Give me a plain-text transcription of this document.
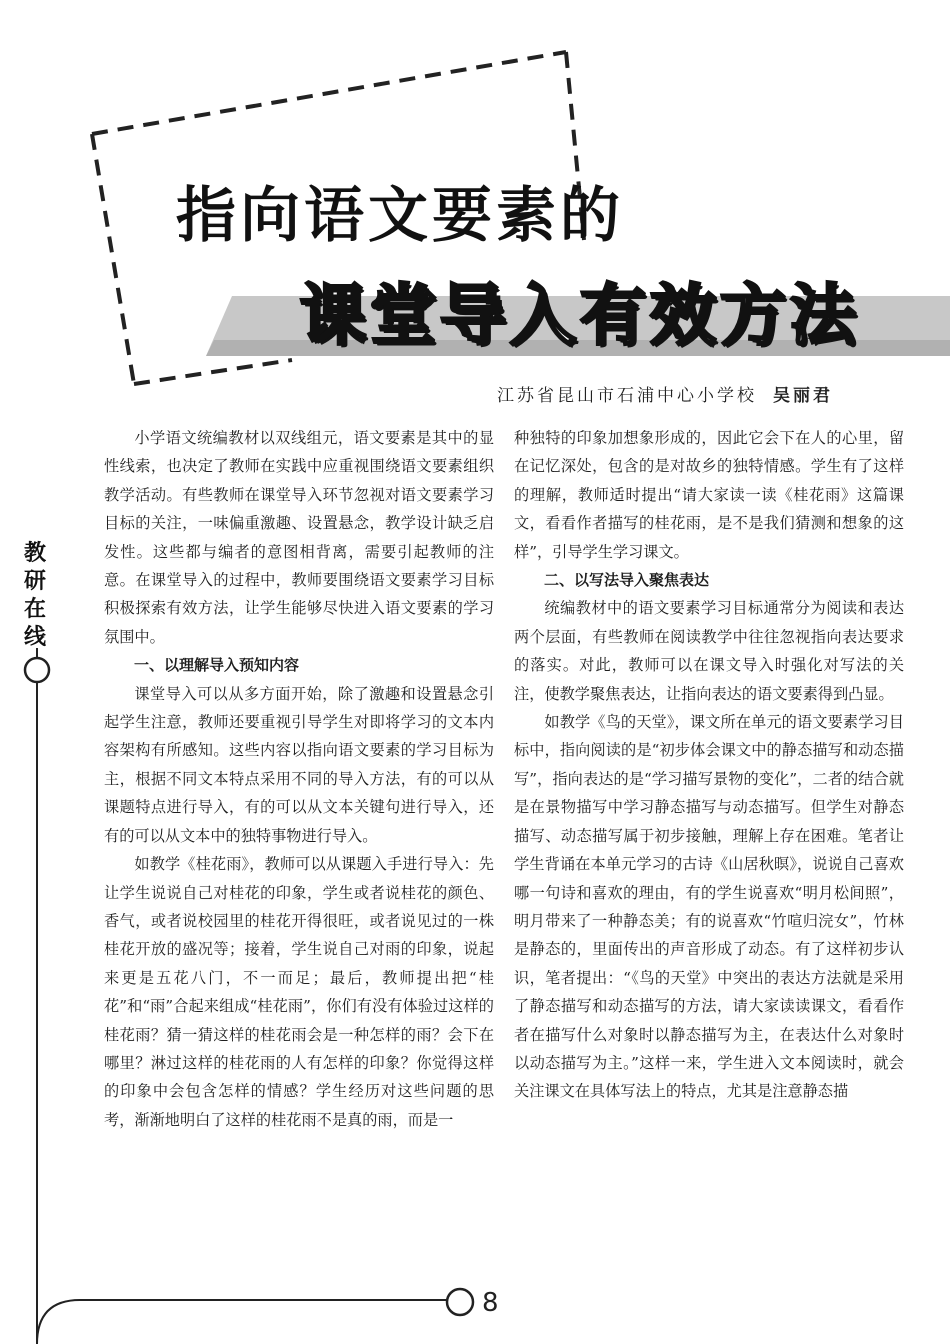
指向语文要素的
课堂导入有效方法
江苏省昆山市石浦中心小学校 吴丽君
教
研
在
线

小学语文统编教材以双线组元，语文要素是其中的显性线索，也决定了教师在实践中应重视围绕语文要素组织教学活动。有些教师在课堂导入环节忽视对语文要素学习目标的关注，一味偏重激趣、设置悬念，教学设计缺乏启发性。这些都与编者的意图相背离，需要引起教师的注意。在课堂导入的过程中，教师要围绕语文要素学习目标积极探索有效方法，让学生能够尽快进入语文要素的学习氛围中。

一、以理解导入预知内容

课堂导入可以从多方面开始，除了激趣和设置悬念引起学生注意，教师还要重视引导学生对即将学习的文本内容架构有所感知。这些内容以指向语文要素的学习目标为主，根据不同文本特点采用不同的导入方法，有的可以从课题特点进行导入，有的可以从文本关键句进行导入，还有的可以从文本中的独特事物进行导入。

如教学《桂花雨》，教师可以从课题入手进行导入：先让学生说说自己对桂花的印象，学生或者说桂花的颜色、香气，或者说校园里的桂花开得很旺，或者说见过的一株桂花开放的盛况等；接着，学生说自己对雨的印象，说起来更是五花八门，不一而足；最后，教师提出把“桂花”和“雨”合起来组成“桂花雨”，你们有没有体验过这样的桂花雨？猜一猜这样的桂花雨会是一种怎样的雨？会下在哪里？淋过这样的桂花雨的人有怎样的印象？你觉得这样的印象中会包含怎样的情感？学生经历对这些问题的思考，渐渐地明白了这样的桂花雨不是真的雨，而是一

种独特的印象加想象形成的，因此它会下在人的心里，留在记忆深处，包含的是对故乡的独特情感。学生有了这样的理解，教师适时提出“请大家读一读《桂花雨》这篇课文，看看作者描写的桂花雨，是不是我们猜测和想象的这样”，引导学生学习课文。

二、以写法导入聚焦表达

统编教材中的语文要素学习目标通常分为阅读和表达两个层面，有些教师在阅读教学中往往忽视指向表达要求的落实。对此，教师可以在课文导入时强化对写法的关注，使教学聚焦表达，让指向表达的语文要素得到凸显。

如教学《鸟的天堂》，课文所在单元的语文要素学习目标中，指向阅读的是“初步体会课文中的静态描写和动态描写”，指向表达的是“学习描写景物的变化”，二者的结合就是在景物描写中学习静态描写与动态描写。但学生对静态描写、动态描写属于初步接触，理解上存在困难。笔者让学生背诵在本单元学习的古诗《山居秋暝》，说说自己喜欢哪一句诗和喜欢的理由，有的学生说喜欢“明月松间照”，明月带来了一种静态美；有的说喜欢“竹喧归浣女”，竹林是静态的，里面传出的声音形成了动态。有了这样初步认识，笔者提出：“《鸟的天堂》中突出的表达方法就是采用了静态描写和动态描写的方法，请大家读读课文，看看作者在描写什么对象时以静态描写为主，在表达什么对象时以动态描写为主。”这样一来，学生进入文本阅读时，就会关注课文在具体写法上的特点，尤其是注意静态描

8
